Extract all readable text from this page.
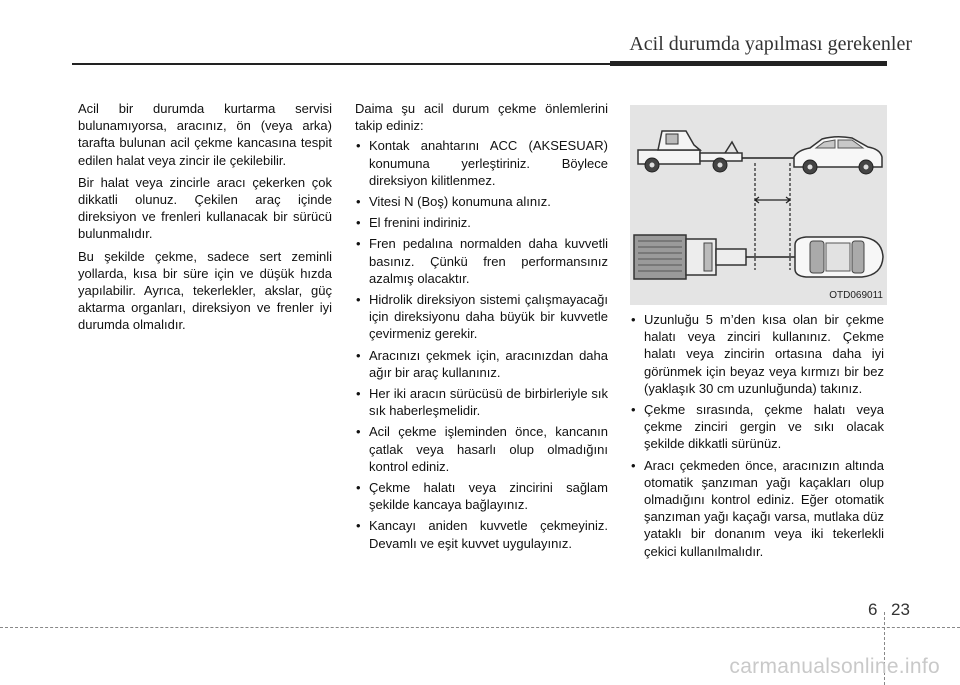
Acil durumda yapılması gerekenler

Acil bir durumda kurtarma servisi bulunamıyorsa, aracınız, ön (veya arka) tarafta bulunan acil çekme kancasına tespit edilen halat veya zincir ile çekilebilir.

Bir halat veya zincirle aracı çekerken çok dikkatli olunuz. Çekilen araç içinde direksiyon ve frenleri kullanacak bir sürücü bulunmalıdır.

Bu şekilde çekme, sadece sert zeminli yollarda, kısa bir süre için ve düşük hızda yapılabilir. Ayrıca, tekerlekler, akslar, güç aktarma organları, direksiyon ve frenler iyi durumda olmalıdır.

Daima şu acil durum çekme önlemlerini takip ediniz:

• Kontak anahtarını ACC (AKSESUAR) konumuna yerleştiriniz. Böylece direksiyon kilitlenmez.
• Vitesi N (Boş) konumuna alınız.
• El frenini indiriniz.
• Fren pedalına normalden daha kuvvetli basınız. Çünkü fren performansınız azalmış olacaktır.
• Hidrolik direksiyon sistemi çalışmayacağı için direksiyonu daha büyük bir kuvvetle çevirmeniz gerekir.
• Aracınızı çekmek için, aracınızdan daha ağır bir araç kullanınız.
• Her iki aracın sürücüsü de birbirleriyle sık sık haberleşmelidir.
• Acil çekme işleminden önce, kancanın çatlak veya hasarlı olup olmadığını kontrol ediniz.
• Çekme halatı veya zincirini sağlam şekilde kancaya bağlayınız.
• Kancayı aniden kuvvetle çekmeyiniz. Devamlı ve eşit kuvvet uygulayınız.
OTD069011
• Uzunluğu 5 m’den kısa olan bir çekme halatı veya zinciri kullanınız. Çekme halatı veya zincirin ortasına daha iyi görünmek için beyaz veya kırmızı bir bez (yaklaşık 30 cm uzunluğunda) takınız.
• Çekme sırasında, çekme halatı veya çekme zinciri gergin ve sıkı olacak şekilde dikkatli sürünüz.
• Aracı çekmeden önce, aracınızın altında otomatik şanzıman yağı kaçakları olup olmadığını kontrol ediniz. Eğer otomatik şanzıman yağı kaçağı varsa, mutlaka düz yataklı bir donanım veya iki tekerlekli çekici kullanılmalıdır.
6 23
carmanualsonline.info
